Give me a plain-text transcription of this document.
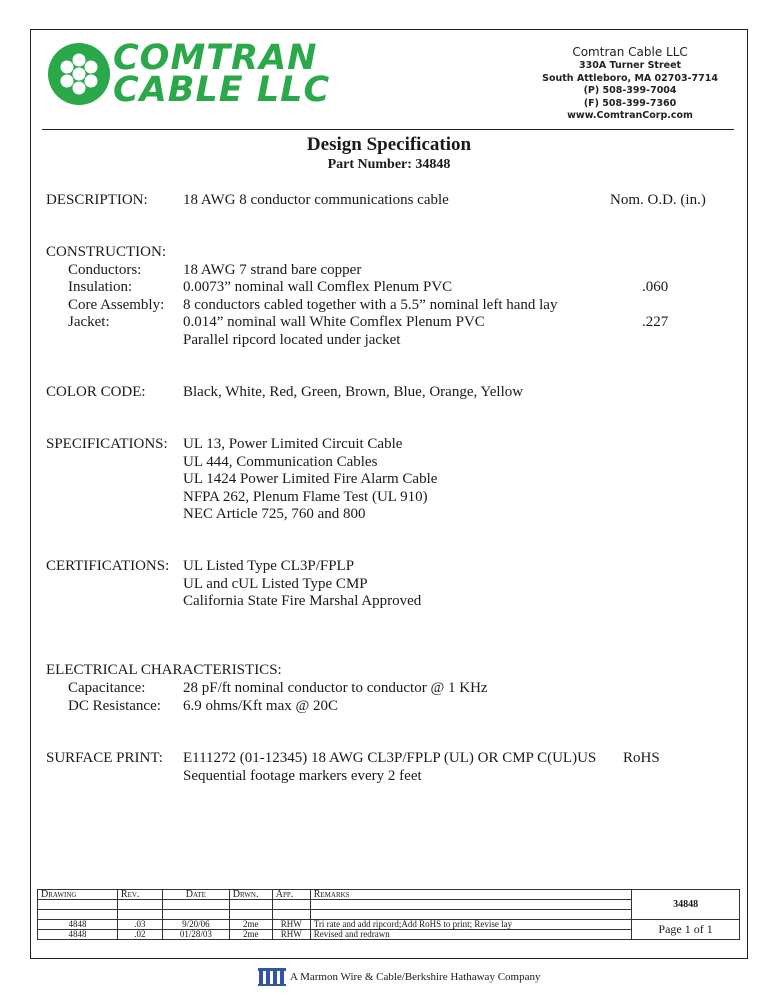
COMTRAN
CABLE LLC
Comtran Cable LLC
330A Turner Street
South Attleboro, MA 02703-7714
(P) 508-399-7004
(F) 508-399-7360
www.ComtranCorp.com
Design Specification
Part Number: 34848
DESCRIPTION: 18 AWG 8 conductor communications cable	Nom. O.D. (in.)
CONSTRUCTION:
Conductors:	18 AWG 7 strand bare copper
Insulation:	0.0073” nominal wall Comflex Plenum PVC	.060
Core Assembly: 8 conductors cabled together with a 5.5” nominal left hand lay
Jacket:	0.014” nominal wall White Comflex Plenum PVC	.227
Parallel ripcord located under jacket
COLOR CODE: Black, White, Red, Green, Brown, Blue, Orange, Yellow
SPECIFICATIONS: UL 13, Power Limited Circuit Cable
UL 444, Communication Cables
UL 1424 Power Limited Fire Alarm Cable
NFPA 262, Plenum Flame Test (UL 910)
NEC Article 725, 760 and 800
CERTIFICATIONS: UL Listed Type CL3P/FPLP
UL and cUL Listed Type CMP
California State Fire Marshal Approved
ELECTRICAL CHARACTERISTICS:
Capacitance:	28 pF/ft nominal conductor to conductor @ 1 KHz
DC Resistance: 6.9 ohms/Kft max @ 20C
SURFACE PRINT: E111272 (01-12345) 18 AWG CL3P/FPLP (UL) OR CMP C(UL)US RoHS
Sequential footage markers every 2 feet
Drawing	Rev.	Date	Drwn.	App.	Remarks	34848

4848	.03	9/20/06	2me	RHW	Tri rate and add ripcord;Add RoHS to print; Revise lay	Page 1 of 1
4848	.02	01/28/03	2me	RHW	Revised and redrawn	
A Marmon Wire & Cable/Berkshire Hathaway Company
